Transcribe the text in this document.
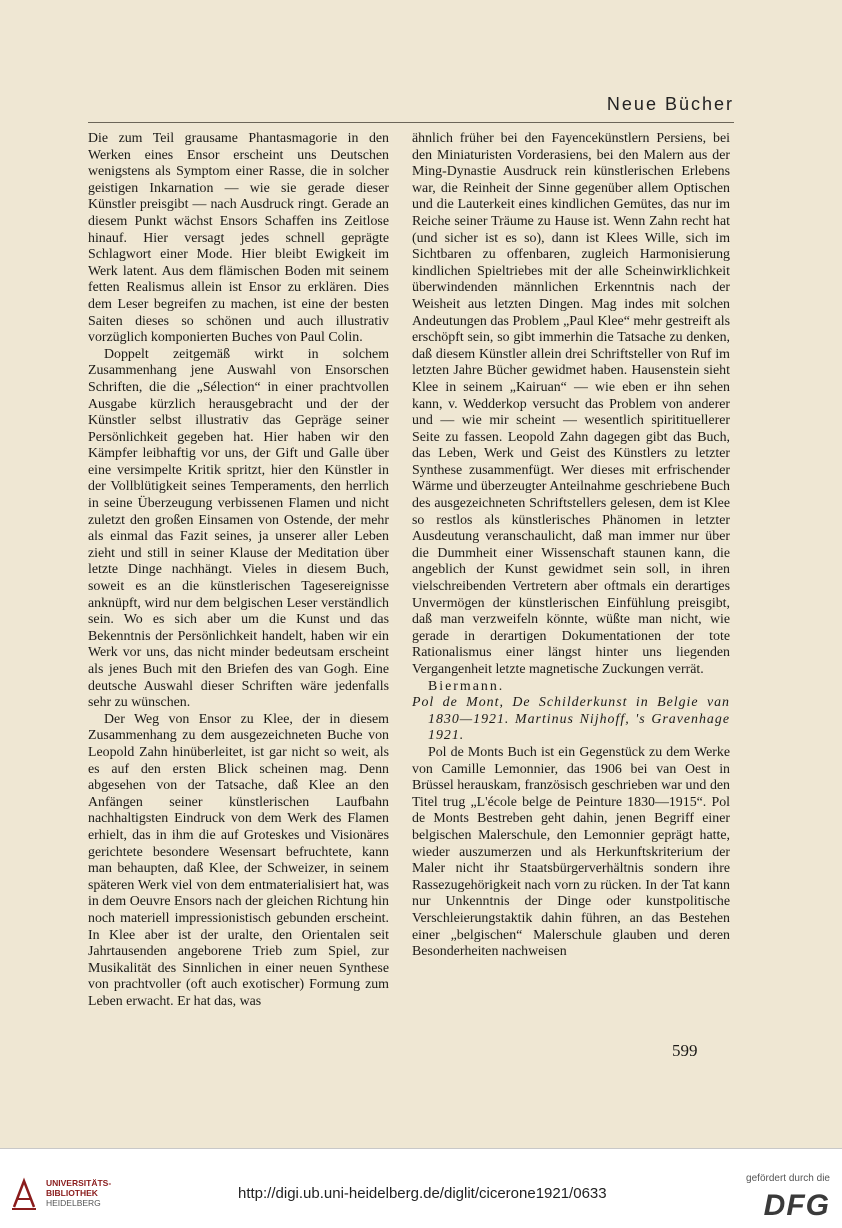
Neue Bücher

Die zum Teil grausame Phantasmagorie in den Werken eines Ensor erscheint uns Deutschen wenigstens als Symptom einer Rasse, die in solcher geistigen Inkarnation — wie sie gerade dieser Künstler preisgibt — nach Ausdruck ringt. Gerade an diesem Punkt wächst Ensors Schaffen ins Zeitlose hinauf. Hier versagt jedes schnell geprägte Schlagwort einer Mode. Hier bleibt Ewigkeit im Werk latent. Aus dem flämischen Boden mit seinem fetten Realismus allein ist Ensor zu erklären. Dies dem Leser begreifen zu machen, ist eine der besten Saiten dieses so schönen und auch illustrativ vorzüglich komponierten Buches von Paul Colin.

Doppelt zeitgemäß wirkt in solchem Zusammenhang jene Auswahl von Ensorschen Schriften, die die „Sélection“ in einer prachtvollen Ausgabe kürzlich herausgebracht und der der Künstler selbst illustrativ das Gepräge seiner Persönlichkeit gegeben hat. Hier haben wir den Kämpfer leibhaftig vor uns, der Gift und Galle über eine versimpelte Kritik spritzt, hier den Künstler in der Vollblütigkeit seines Temperaments, den herrlich in seine Überzeugung verbissenen Flamen und nicht zuletzt den großen Einsamen von Ostende, der mehr als einmal das Fazit seines, ja unserer aller Leben zieht und still in seiner Klause der Meditation über letzte Dinge nachhängt. Vieles in diesem Buch, soweit es an die künstlerischen Tagesereignisse anknüpft, wird nur dem belgischen Leser verständlich sein. Wo es sich aber um die Kunst und das Bekenntnis der Persönlichkeit handelt, haben wir ein Werk vor uns, das nicht minder bedeutsam erscheint als jenes Buch mit den Briefen des van Gogh. Eine deutsche Auswahl dieser Schriften wäre jedenfalls sehr zu wünschen.

Der Weg von Ensor zu Klee, der in diesem Zusammenhang zu dem ausgezeichneten Buche von Leopold Zahn hinüberleitet, ist gar nicht so weit, als es auf den ersten Blick scheinen mag. Denn abgesehen von der Tatsache, daß Klee an den Anfängen seiner künstlerischen Laufbahn nachhaltigsten Eindruck von dem Werk des Flamen erhielt, das in ihm die auf Groteskes und Visionäres gerichtete besondere Wesensart befruchtete, kann man behaupten, daß Klee, der Schweizer, in seinem späteren Werk viel von dem entmaterialisiert hat, was in dem Oeuvre Ensors nach der gleichen Richtung hin noch materiell impressionistisch gebunden erscheint. In Klee aber ist der uralte, den Orientalen seit Jahrtausenden angeborene Trieb zum Spiel, zur Musikalität des Sinnlichen in einer neuen Synthese von prachtvoller (oft auch exotischer) Formung zum Leben erwacht. Er hat das, was

ähnlich früher bei den Fayencekünstlern Persiens, bei den Miniaturisten Vorderasiens, bei den Malern aus der Ming-Dynastie Ausdruck rein künstlerischen Erlebens war, die Reinheit der Sinne gegenüber allem Optischen und die Lauterkeit eines kindlichen Gemütes, das nur im Reiche seiner Träume zu Hause ist. Wenn Zahn recht hat (und sicher ist es so), dann ist Klees Wille, sich im Sichtbaren zu offenbaren, zugleich Harmonisierung kindlichen Spieltriebes mit der alle Scheinwirklichkeit überwindenden männlichen Erkenntnis nach der Weisheit aus letzten Dingen. Mag indes mit solchen Andeutungen das Problem „Paul Klee“ mehr gestreift als erschöpft sein, so gibt immerhin die Tatsache zu denken, daß diesem Künstler allein drei Schriftsteller von Ruf im letzten Jahre Bücher gewidmet haben. Hausenstein sieht Klee in seinem „Kairuan“ — wie eben er ihn sehen kann, v. Wedderkop versucht das Problem von anderer und — wie mir scheint — wesentlich spiritituellerer Seite zu fassen. Leopold Zahn dagegen gibt das Buch, das Leben, Werk und Geist des Künstlers zu letzter Synthese zusammenfügt. Wer dieses mit erfrischender Wärme und überzeugter Anteilnahme geschriebene Buch des ausgezeichneten Schriftstellers gelesen, dem ist Klee so restlos als künstlerisches Phänomen in letzter Ausdeutung veranschaulicht, daß man immer nur über die Dummheit einer Wissenschaft staunen kann, die angeblich der Kunst gewidmet sein soll, in ihren vielschreibenden Vertretern aber oftmals ein derartiges Unvermögen der künstlerischen Einfühlung preisgibt, daß man verzweifeln könnte, wüßte man nicht, wie gerade in derartigen Dokumentationen der tote Rationalismus einer längst hinter uns liegenden Vergangenheit letzte magnetische Zuckungen verrät.

Biermann.

Pol de Mont, De Schilderkunst in Belgie van 1830—1921. Martinus Nijhoff, 's Gravenhage 1921.

Pol de Monts Buch ist ein Gegenstück zu dem Werke von Camille Lemonnier, das 1906 bei van Oest in Brüssel herauskam, französisch geschrieben war und den Titel trug „L'école belge de Peinture 1830—1915“. Pol de Monts Bestreben geht dahin, jenen Begriff einer belgischen Malerschule, den Lemonnier geprägt hatte, wieder auszumerzen und als Herkunftskriterium der Maler nicht ihr Staatsbürgerverhältnis sondern ihre Rassezugehörigkeit nach vorn zu rücken. In der Tat kann nur Unkenntnis der Dinge oder kunstpolitische Verschleierungstaktik dahin führen, an das Bestehen einer „belgischen“ Malerschule glauben und deren Besonderheiten nachweisen

599
UNIVERSITÄTS-
BIBLIOTHEK
HEIDELBERG
http://digi.ub.uni-heidelberg.de/diglit/cicerone1921/0633
gefördert durch die
DFG
